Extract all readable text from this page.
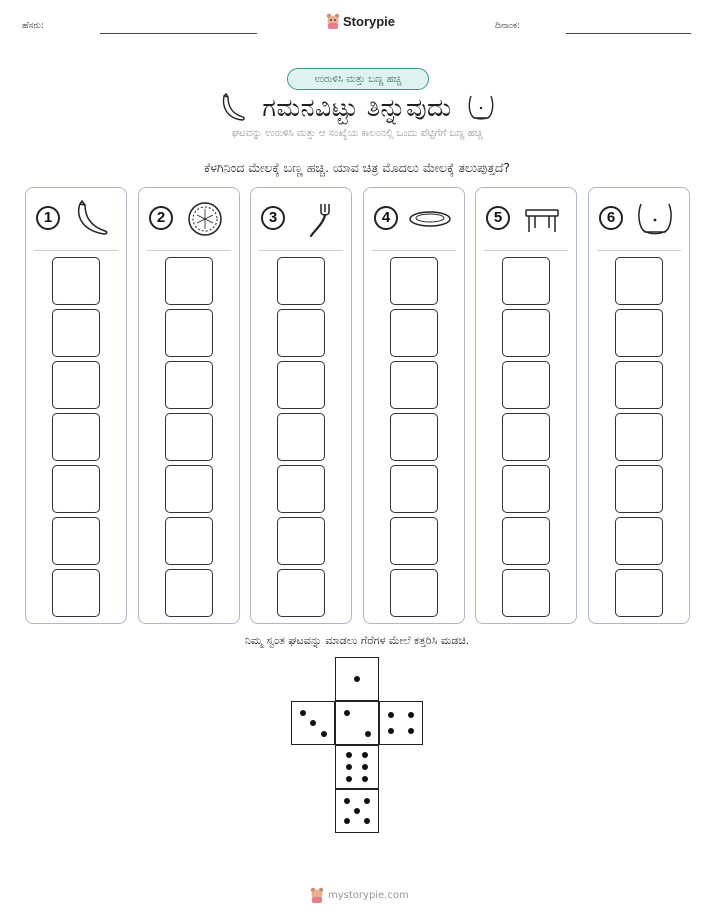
ಹೆಸರು:	Storypie	ದಿನಾಂಕ:
ಉರುಳಿಸಿ ಮತ್ತು ಬಣ್ಣ ಹಚ್ಚಿ
ಗಮನವಿಟ್ಟು ತಿನ್ನುವುದು
ಘಟವನ್ನು ಉರುಳಿಸಿ ಮತ್ತು ಆ ಸಂಖ್ಯೆಯ ಕಾಲಂನಲ್ಲಿ ಒಂದು ಪೆಟ್ಟಿಗೆಗೆ ಬಣ್ಣ ಹಚ್ಚಿ
ಕೆಳಗಿನಿಂದ ಮೇಲಕ್ಕೆ ಬಣ್ಣ ಹಚ್ಚಿ. ಯಾವ ಚಿತ್ರ ಮೊದಲು ಮೇಲಕ್ಕೆ ತಲುಪುತ್ತದೆ?
1	2	3	4	5	6
ನಿಮ್ಮ ಸ್ವಂತ ಘಟವನ್ನು ಮಾಡಲು ಗೆರೆಗಳ ಮೇಲೆ ಕತ್ತರಿಸಿ ಮಡಚಿ.
mystorypie.com
